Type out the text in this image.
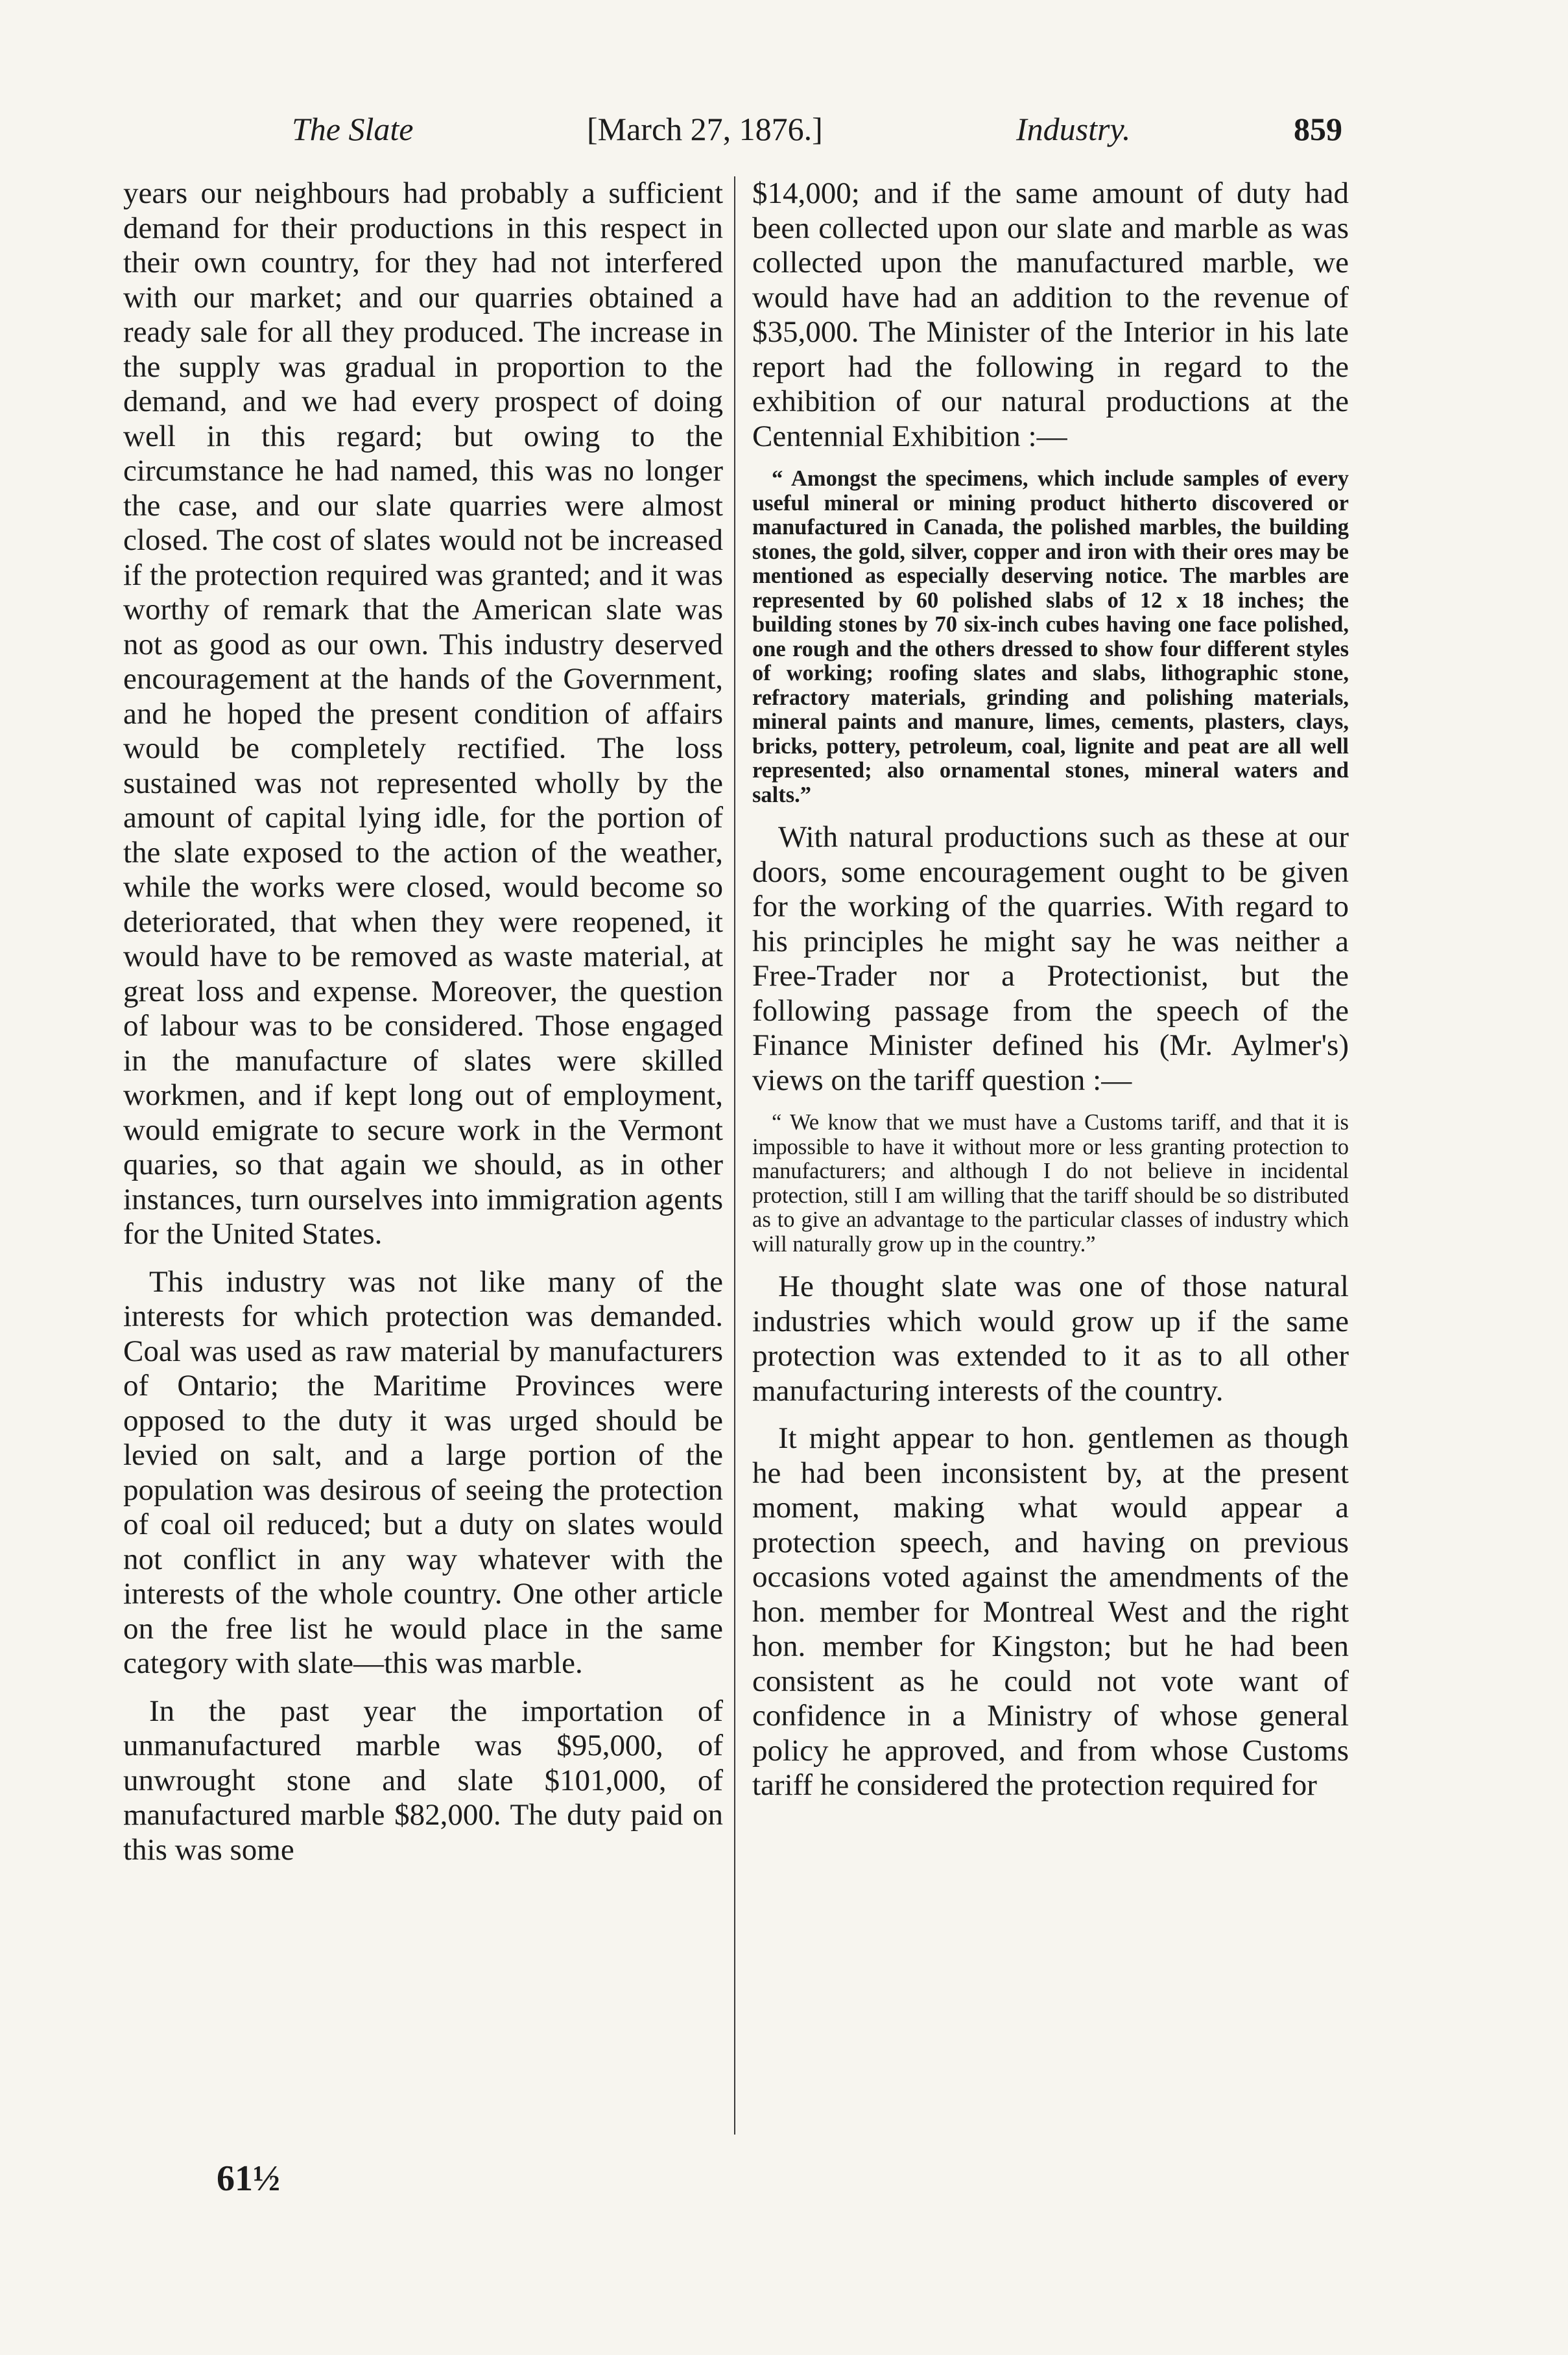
The Slate	[March 27, 1876.]	Industry.	859

years our neighbours had probably a sufficient demand for their productions in this respect in their own country, for they had not interfered with our market; and our quarries obtained a ready sale for all they produced. The increase in the supply was gradual in proportion to the demand, and we had every prospect of doing well in this regard; but owing to the circumstance he had named, this was no longer the case, and our slate quarries were almost closed. The cost of slates would not be increased if the protection required was granted; and it was worthy of remark that the American slate was not as good as our own. This industry deserved encouragement at the hands of the Government, and he hoped the present condition of affairs would be completely rectified. The loss sustained was not represented wholly by the amount of capital lying idle, for the portion of the slate exposed to the action of the weather, while the works were closed, would become so deteriorated, that when they were reopened, it would have to be removed as waste material, at great loss and expense. Moreover, the question of labour was to be considered. Those engaged in the manufacture of slates were skilled workmen, and if kept long out of employment, would emigrate to secure work in the Vermont quaries, so that again we should, as in other instances, turn ourselves into immigration agents for the United States.

This industry was not like many of the interests for which protection was demanded. Coal was used as raw material by manufacturers of Ontario; the Maritime Provinces were opposed to the duty it was urged should be levied on salt, and a large portion of the population was desirous of seeing the protection of coal oil reduced; but a duty on slates would not conflict in any way whatever with the interests of the whole country. One other article on the free list he would place in the same category with slate—this was marble.

In the past year the importation of unmanufactured marble was $95,000, of unwrought stone and slate $101,000, of manufactured marble $82,000. The duty paid on this was some

$14,000; and if the same amount of duty had been collected upon our slate and marble as was collected upon the manufactured marble, we would have had an addition to the revenue of $35,000. The Minister of the Interior in his late report had the following in regard to the exhibition of our natural productions at the Centennial Exhibition :—

“ Amongst the specimens, which include samples of every useful mineral or mining product hitherto discovered or manufactured in Canada, the polished marbles, the building stones, the gold, silver, copper and iron with their ores may be mentioned as especially deserving notice. The marbles are represented by 60 polished slabs of 12 x 18 inches; the building stones by 70 six-inch cubes having one face polished, one rough and the others dressed to show four different styles of working; roofing slates and slabs, lithographic stone, refractory materials, grinding and polishing materials, mineral paints and manure, limes, cements, plasters, clays, bricks, pottery, petroleum, coal, lignite and peat are all well represented; also ornamental stones, mineral waters and salts.”

With natural productions such as these at our doors, some encouragement ought to be given for the working of the quarries. With regard to his principles he might say he was neither a Free-Trader nor a Protectionist, but the following passage from the speech of the Finance Minister defined his (Mr. Aylmer's) views on the tariff question :—

“ We know that we must have a Customs tariff, and that it is impossible to have it without more or less granting protection to manufacturers; and although I do not believe in incidental protection, still I am willing that the tariff should be so distributed as to give an advantage to the particular classes of industry which will naturally grow up in the country.”

He thought slate was one of those natural industries which would grow up if the same protection was extended to it as to all other manufacturing interests of the country.

It might appear to hon. gentlemen as though he had been inconsistent by, at the present moment, making what would appear a protection speech, and having on previous occasions voted against the amendments of the hon. member for Montreal West and the right hon. member for Kingston; but he had been consistent as he could not vote want of confidence in a Ministry of whose general policy he approved, and from whose Customs tariff he considered the protection required for

61½
